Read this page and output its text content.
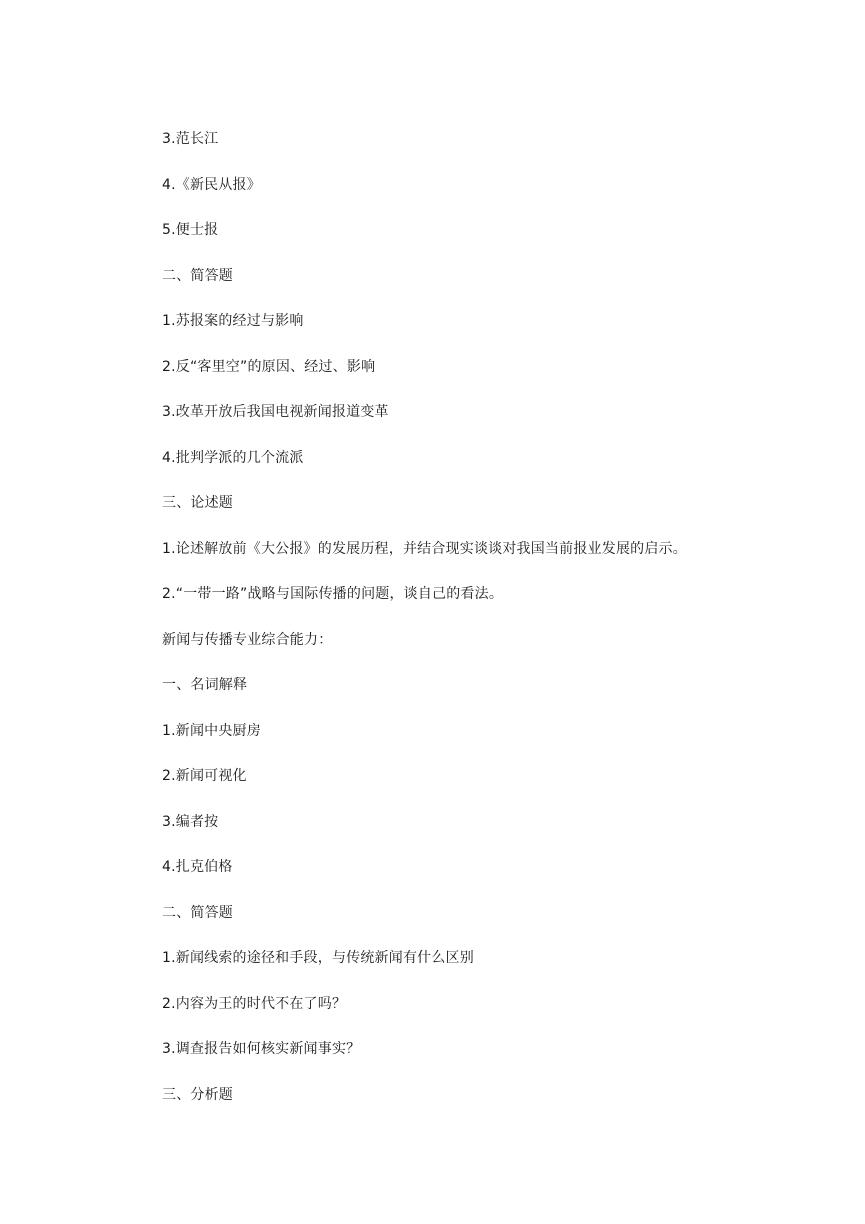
3.范长江
4.《新民从报》
5.便士报
二、简答题
1.苏报案的经过与影响
2.反“客里空”的原因、经过、影响
3.改革开放后我国电视新闻报道变革
4.批判学派的几个流派
三、论述题
1.论述解放前《大公报》的发展历程，并结合现实谈谈对我国当前报业发展的启示。
2.“一带一路”战略与国际传播的问题，谈自己的看法。
新闻与传播专业综合能力：
一、名词解释
1.新闻中央厨房
2.新闻可视化
3.编者按
4.扎克伯格
二、简答题
1.新闻线索的途径和手段，与传统新闻有什么区别
2.内容为王的时代不在了吗？
3.调查报告如何核实新闻事实？
三、分析题
